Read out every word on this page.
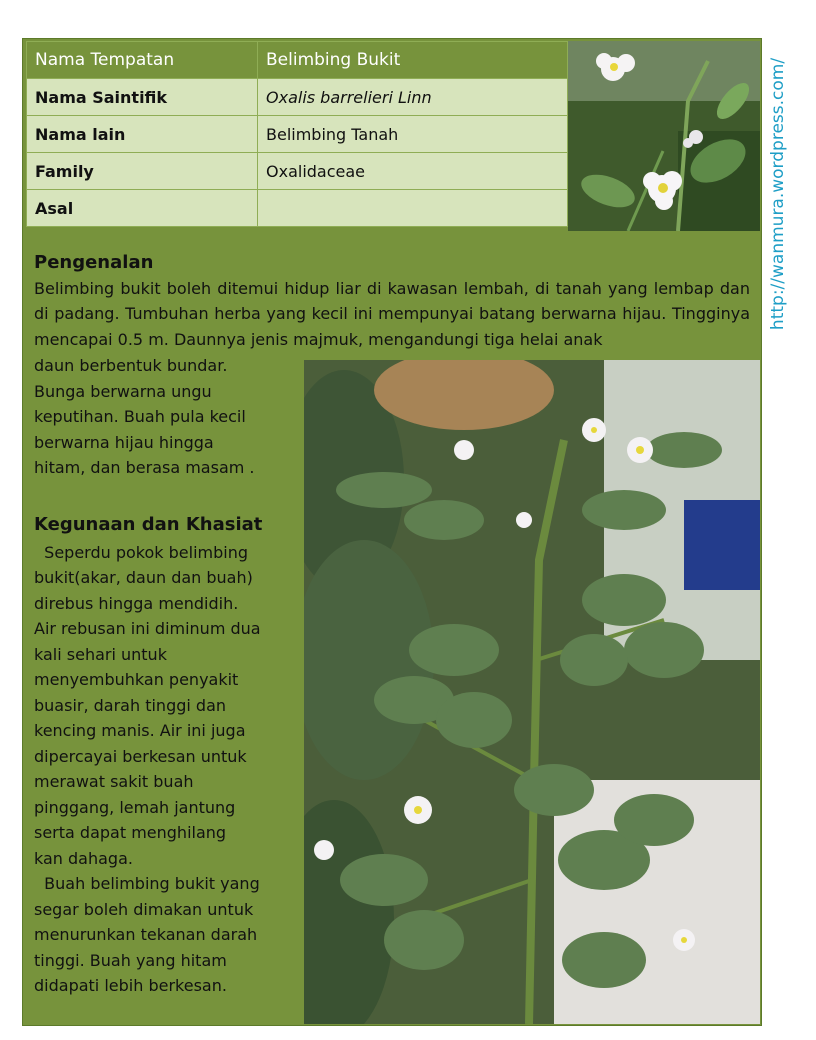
Nama Tempatan	Belimbing Bukit
Nama Saintifik	Oxalis barrelieri Linn
Nama lain	Belimbing Tanah
Family	Oxalidaceae
Asal	
Pengenalan
Belimbing bukit boleh ditemui hidup liar di kawasan lembah, di tanah yang lembap dan di padang. Tumbuhan herba yang kecil ini mempunyai batang berwarna hijau. Tingginya mencapai 0.5 m. Daunnya jenis majmuk, mengandungi tiga helai anak
daun berbentuk bundar.
Bunga berwarna ungu
keputihan. Buah pula kecil
berwarna hijau hingga
hitam, dan berasa masam .
Kegunaan dan Khasiat
Seperdu pokok belimbing
bukit(akar, daun dan buah)
direbus hingga mendidih.
Air rebusan ini diminum dua
kali sehari untuk
menyembuhkan penyakit
buasir, darah tinggi dan
kencing manis. Air ini juga
dipercayai berkesan untuk
merawat sakit buah
pinggang, lemah jantung
serta dapat menghilang
kan dahaga.
Buah belimbing bukit yang
segar boleh dimakan untuk
menurunkan tekanan darah
tinggi. Buah yang hitam
didapati lebih berkesan.
http://wanmura.wordpress.com/
